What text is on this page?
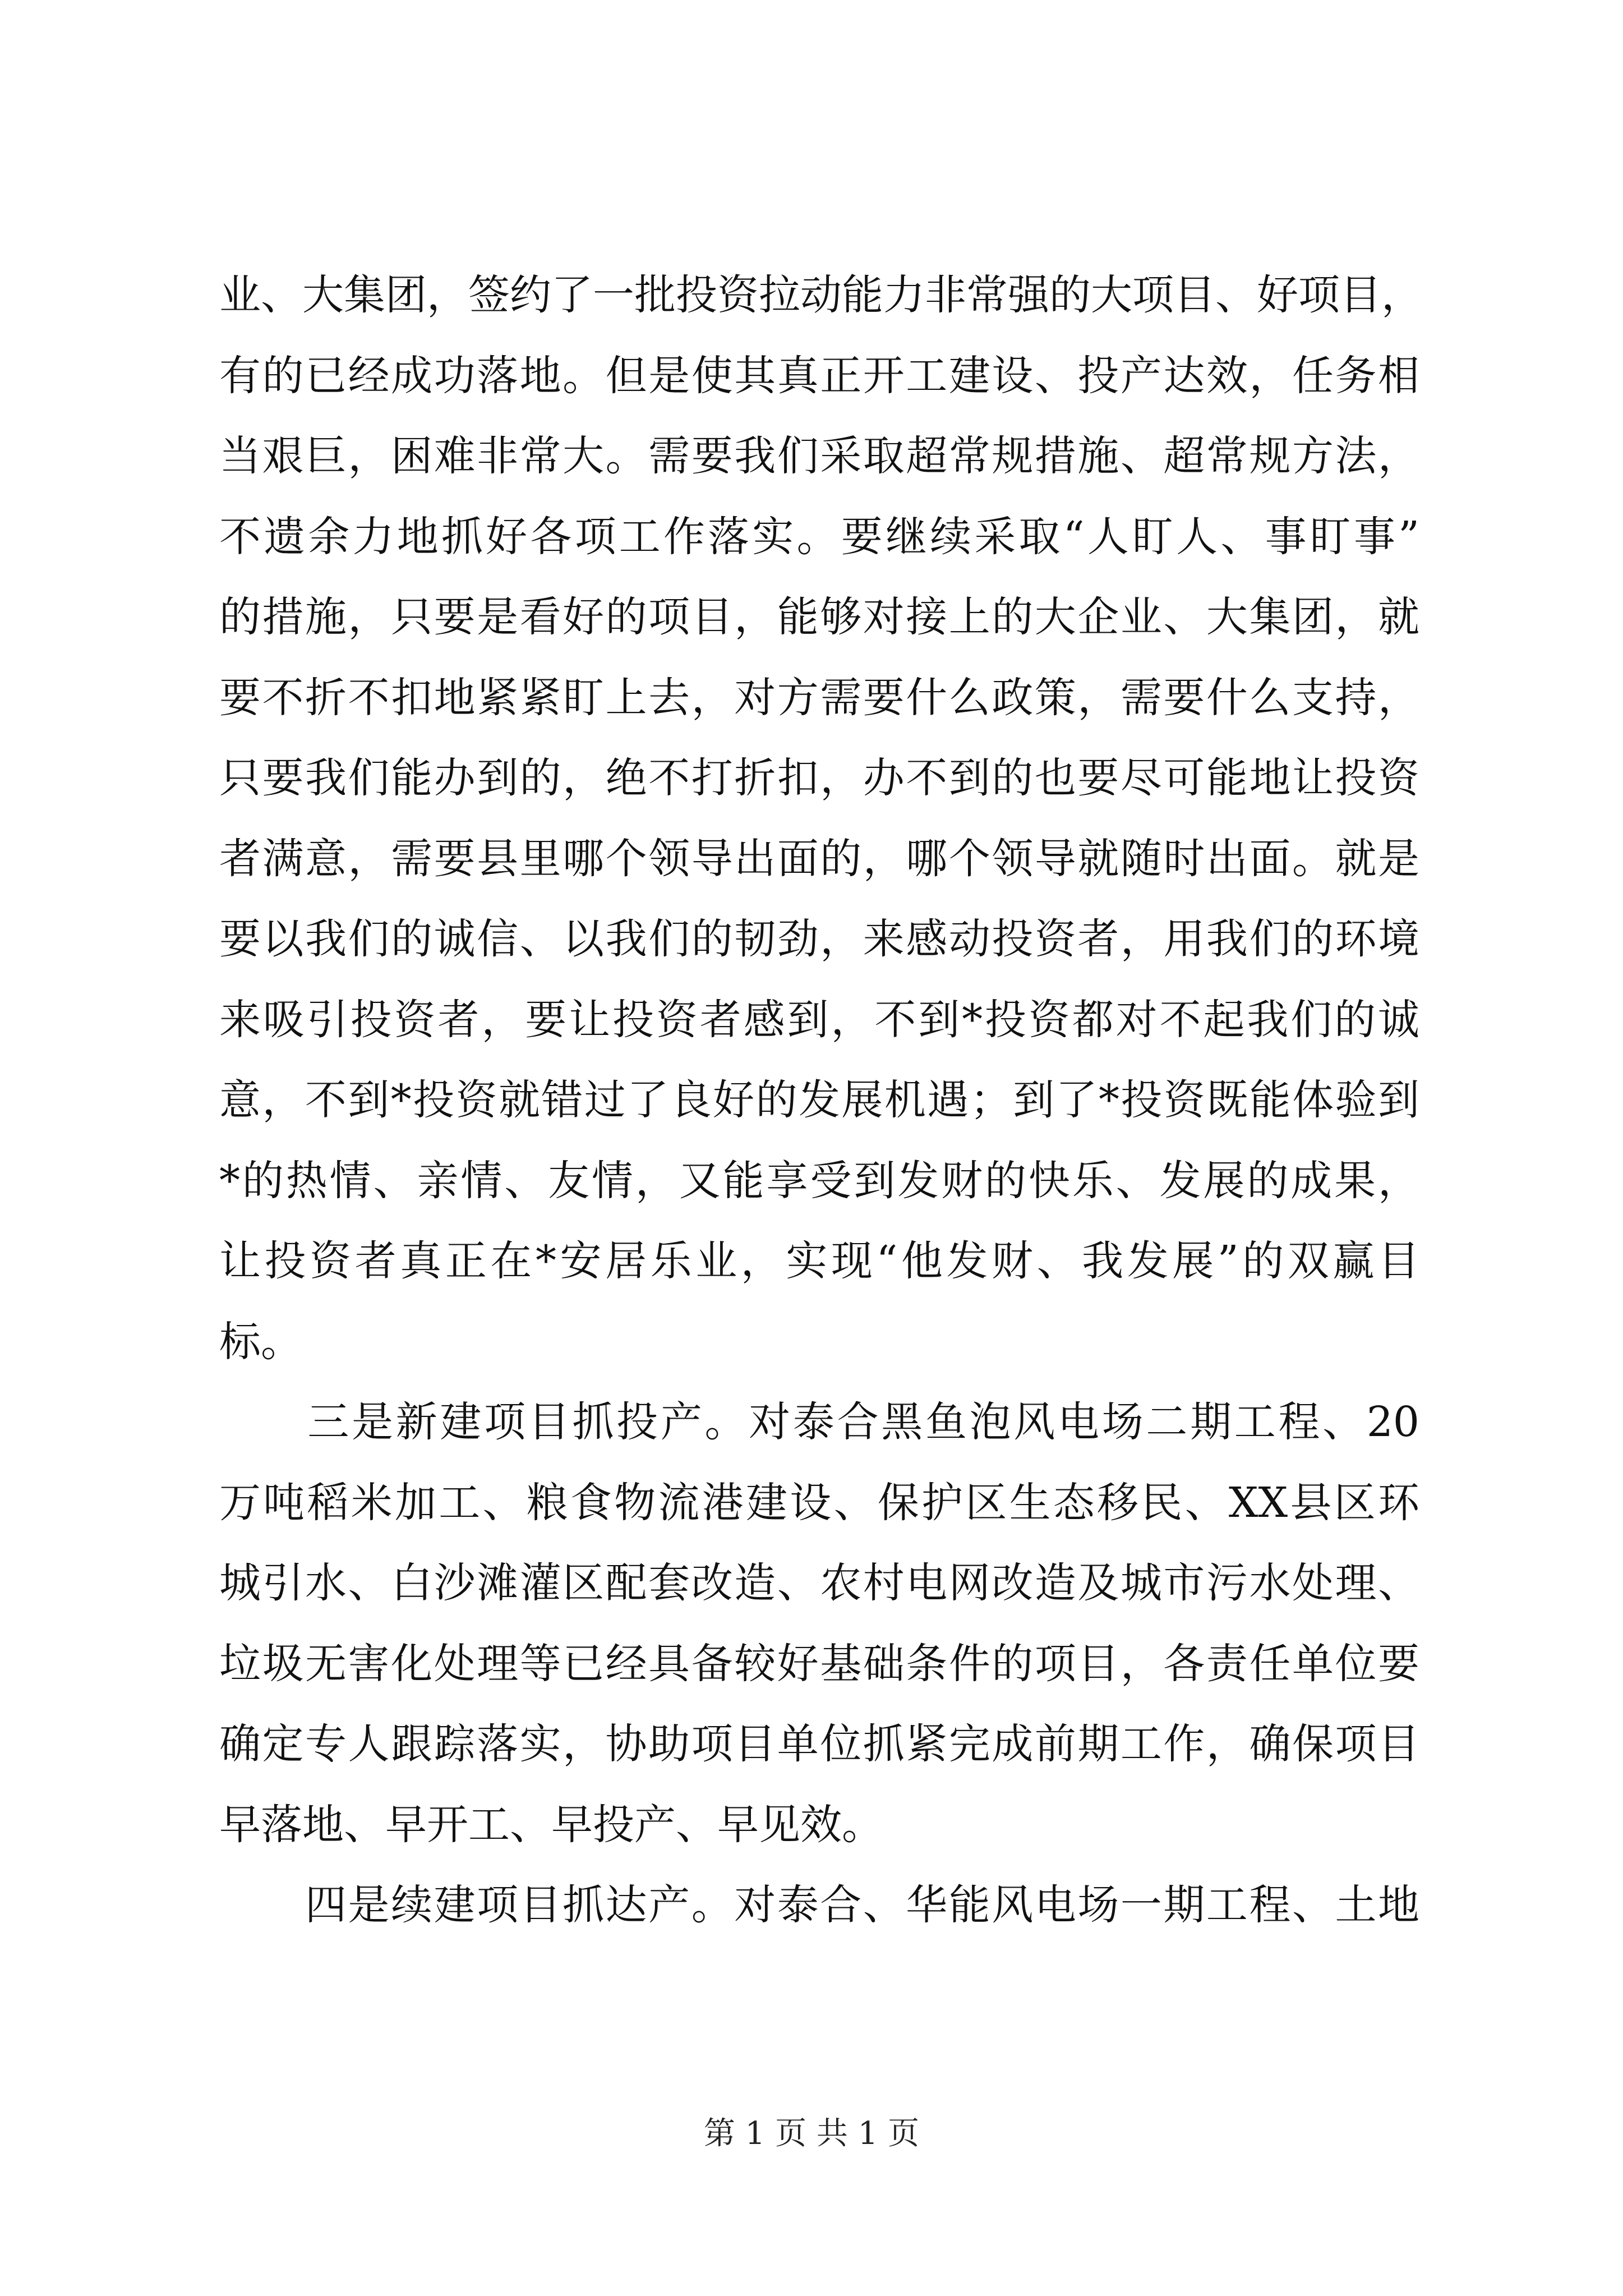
业、大集团，签约了一批投资拉动能力非常强的大项目、好项目，
有的已经成功落地。但是使其真正开工建设、投产达效，任务相
当艰巨，困难非常大。需要我们采取超常规措施、超常规方法，
不遗余力地抓好各项工作落实。要继续采取“人盯人、事盯事”
的措施，只要是看好的项目，能够对接上的大企业、大集团，就
要不折不扣地紧紧盯上去，对方需要什么政策，需要什么支持，
只要我们能办到的，绝不打折扣，办不到的也要尽可能地让投资
者满意，需要县里哪个领导出面的，哪个领导就随时出面。就是
要以我们的诚信、以我们的韧劲，来感动投资者，用我们的环境
来吸引投资者，要让投资者感到，不到*投资都对不起我们的诚
意，不到*投资就错过了良好的发展机遇；到了*投资既能体验到
*的热情、亲情、友情，又能享受到发财的快乐、发展的成果，
让投资者真正在*安居乐业，实现“他发财、我发展”的双赢目
标。
　　三是新建项目抓投产。对泰合黑鱼泡风电场二期工程、20
万吨稻米加工、粮食物流港建设、保护区生态移民、XX县区环
城引水、白沙滩灌区配套改造、农村电网改造及城市污水处理、
垃圾无害化处理等已经具备较好基础条件的项目，各责任单位要
确定专人跟踪落实，协助项目单位抓紧完成前期工作，确保项目
早落地、早开工、早投产、早见效。
　　四是续建项目抓达产。对泰合、华能风电场一期工程、土地
第 1 页 共 1 页
